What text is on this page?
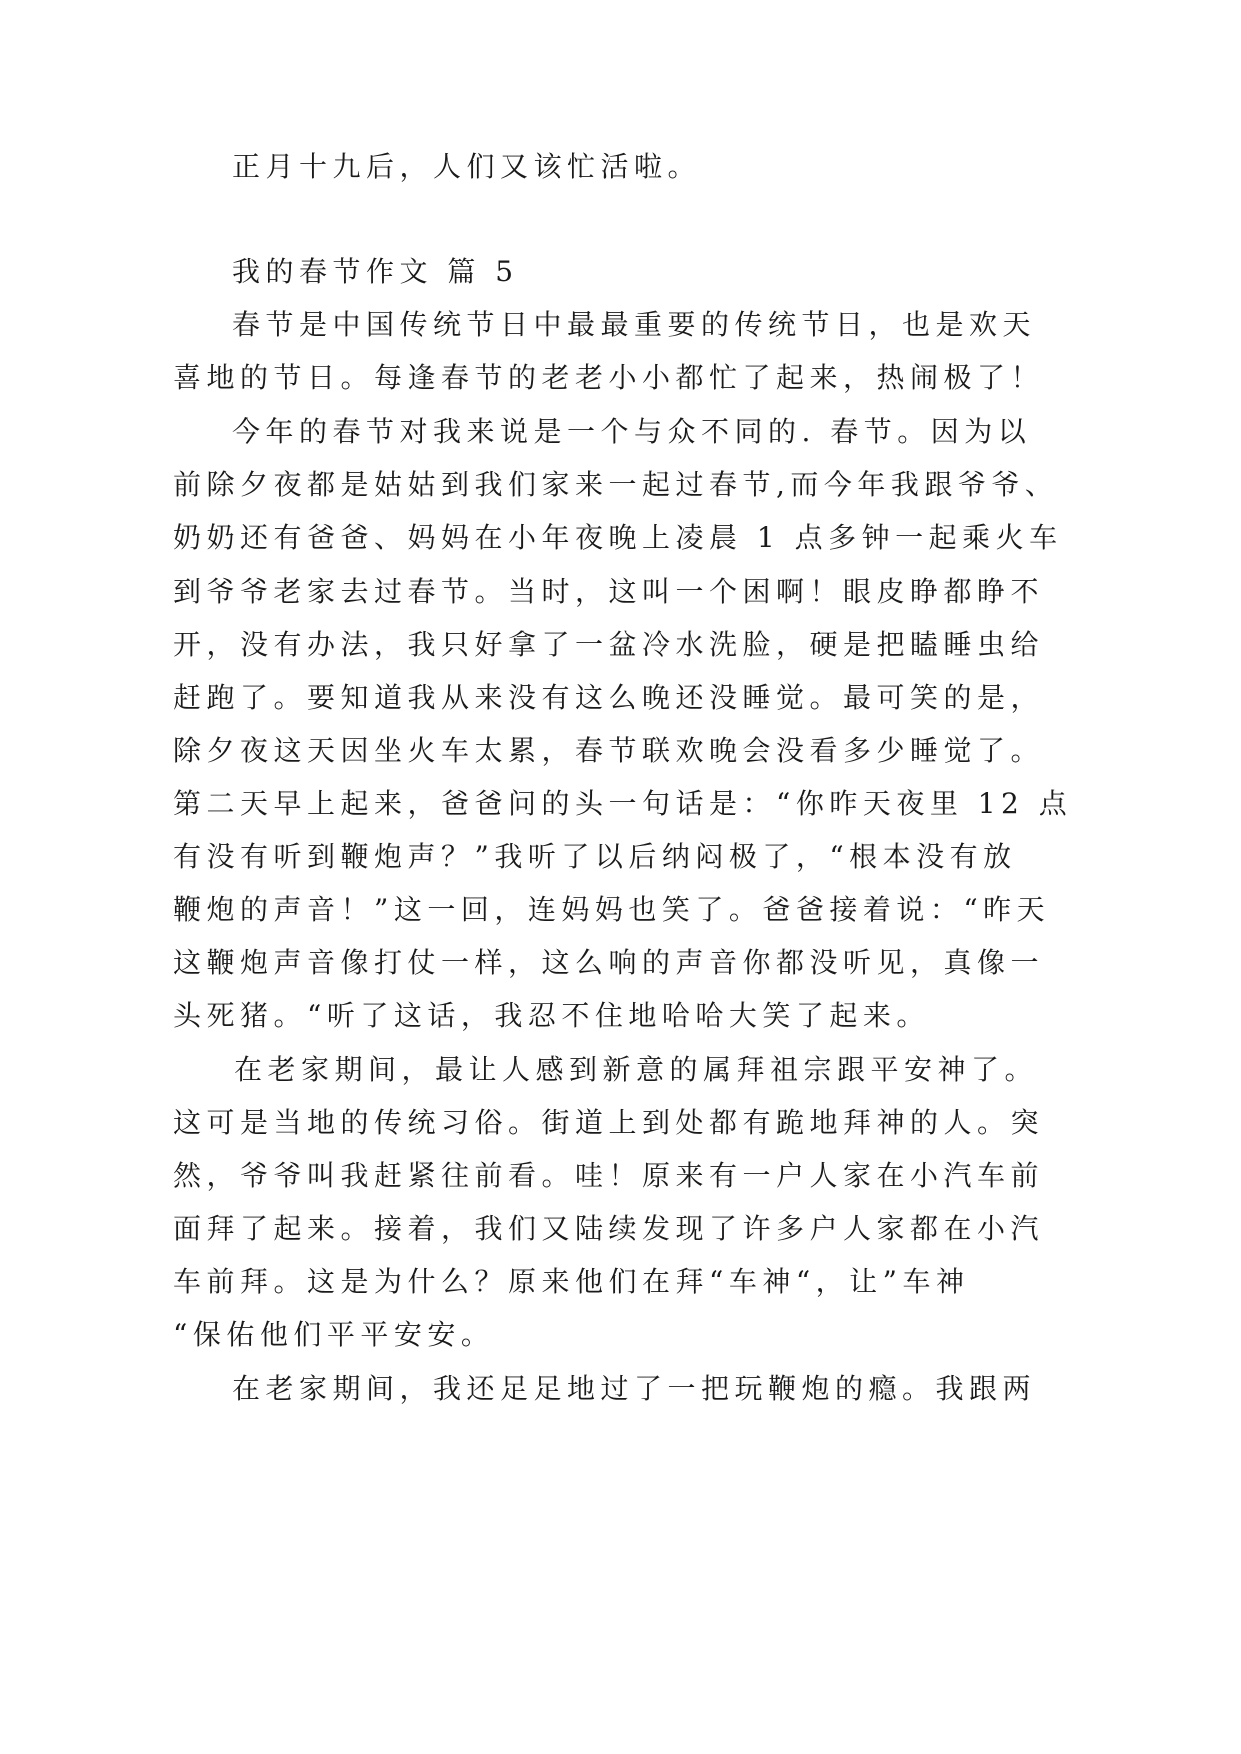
正月十九后，人们又该忙活啦。

我的春节作文 篇 5

春节是中国传统节日中最最重要的传统节日，也是欢天

喜地的节日。每逢春节的老老小小都忙了起来，热闹极了！

今年的春节对我来说是一个与众不同的. 春节。因为以

前除夕夜都是姑姑到我们家来一起过春节,而今年我跟爷爷、

奶奶还有爸爸、妈妈在小年夜晚上凌晨 1 点多钟一起乘火车

到爷爷老家去过春节。当时，这叫一个困啊！眼皮睁都睁不

开，没有办法，我只好拿了一盆冷水洗脸，硬是把瞌睡虫给

赶跑了。要知道我从来没有这么晚还没睡觉。最可笑的是，

除夕夜这天因坐火车太累，春节联欢晚会没看多少睡觉了。

第二天早上起来，爸爸问的头一句话是：“你昨天夜里 12 点

有没有听到鞭炮声？”我听了以后纳闷极了，“根本没有放

鞭炮的声音！”这一回，连妈妈也笑了。爸爸接着说：“昨天

这鞭炮声音像打仗一样，这么响的声音你都没听见，真像一

头死猪。“听了这话，我忍不住地哈哈大笑了起来。

在老家期间，最让人感到新意的属拜祖宗跟平安神了。

这可是当地的传统习俗。街道上到处都有跪地拜神的人。突

然，爷爷叫我赶紧往前看。哇！原来有一户人家在小汽车前

面拜了起来。接着，我们又陆续发现了许多户人家都在小汽

车前拜。这是为什么？原来他们在拜“车神“，让”车神

“保佑他们平平安安。

在老家期间，我还足足地过了一把玩鞭炮的瘾。我跟两
